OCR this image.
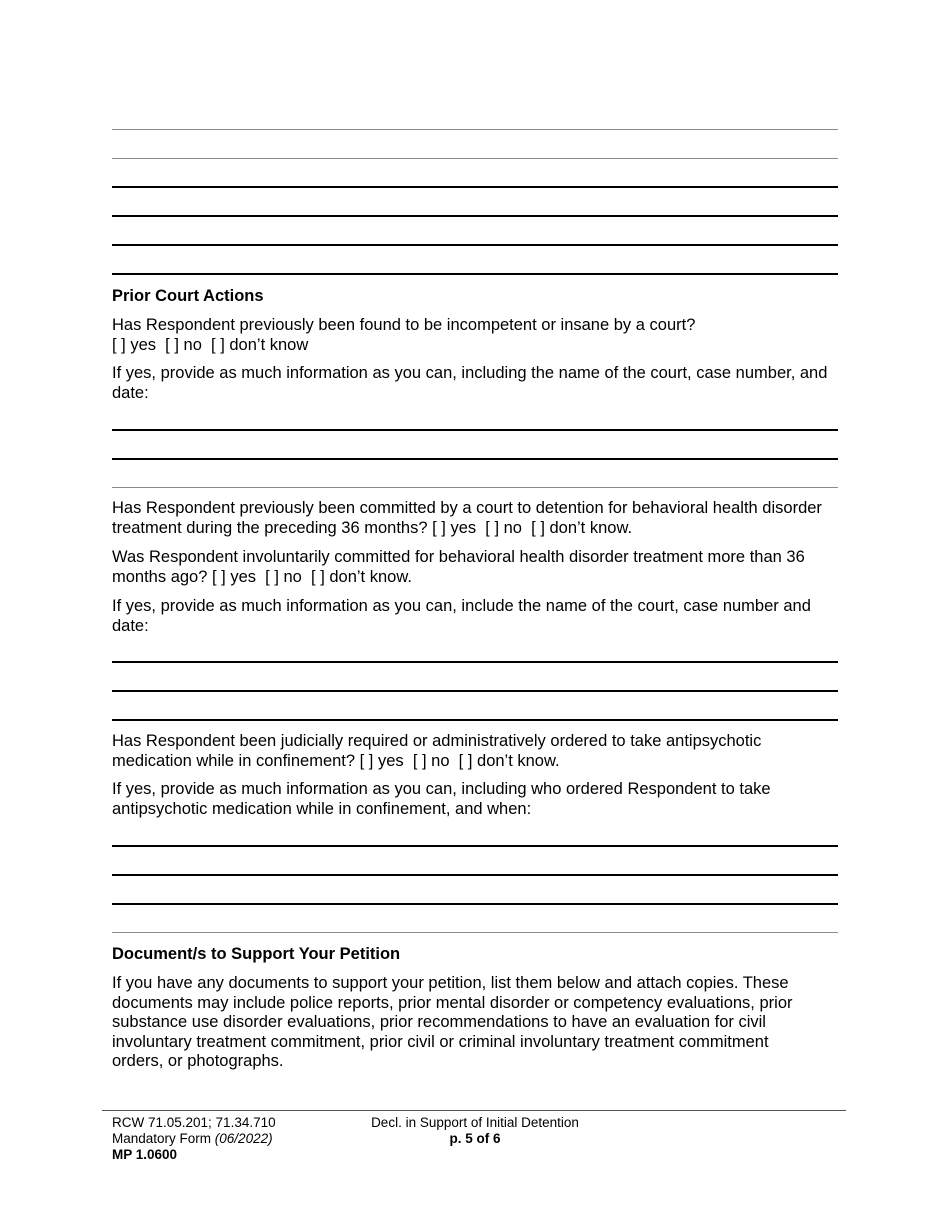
Prior Court Actions
Has Respondent previously been found to be incompetent or insane by a court?
[ ] yes  [ ] no  [ ] don’t know
If yes, provide as much information as you can, including the name of the court, case number, and date:
Has Respondent previously been committed by a court to detention for behavioral health disorder treatment during the preceding 36 months? [ ] yes  [ ] no  [ ] don’t know.
Was Respondent involuntarily committed for behavioral health disorder treatment more than 36 months ago? [ ] yes  [ ] no  [ ] don’t know.
If yes, provide as much information as you can, include the name of the court, case number and date:
Has Respondent been judicially required or administratively ordered to take antipsychotic medication while in confinement? [ ] yes  [ ] no  [ ] don’t know.
If yes, provide as much information as you can, including who ordered Respondent to take antipsychotic medication while in confinement, and when:
Document/s to Support Your Petition
If you have any documents to support your petition, list them below and attach copies. These documents may include police reports, prior mental disorder or competency evaluations, prior substance use disorder evaluations, prior recommendations to have an evaluation for civil involuntary treatment commitment, prior civil or criminal involuntary treatment commitment orders, or photographs.
RCW 71.05.201; 71.34.710
Mandatory Form (06/2022)
MP 1.0600
Decl. in Support of Initial Detention
p. 5 of 6
